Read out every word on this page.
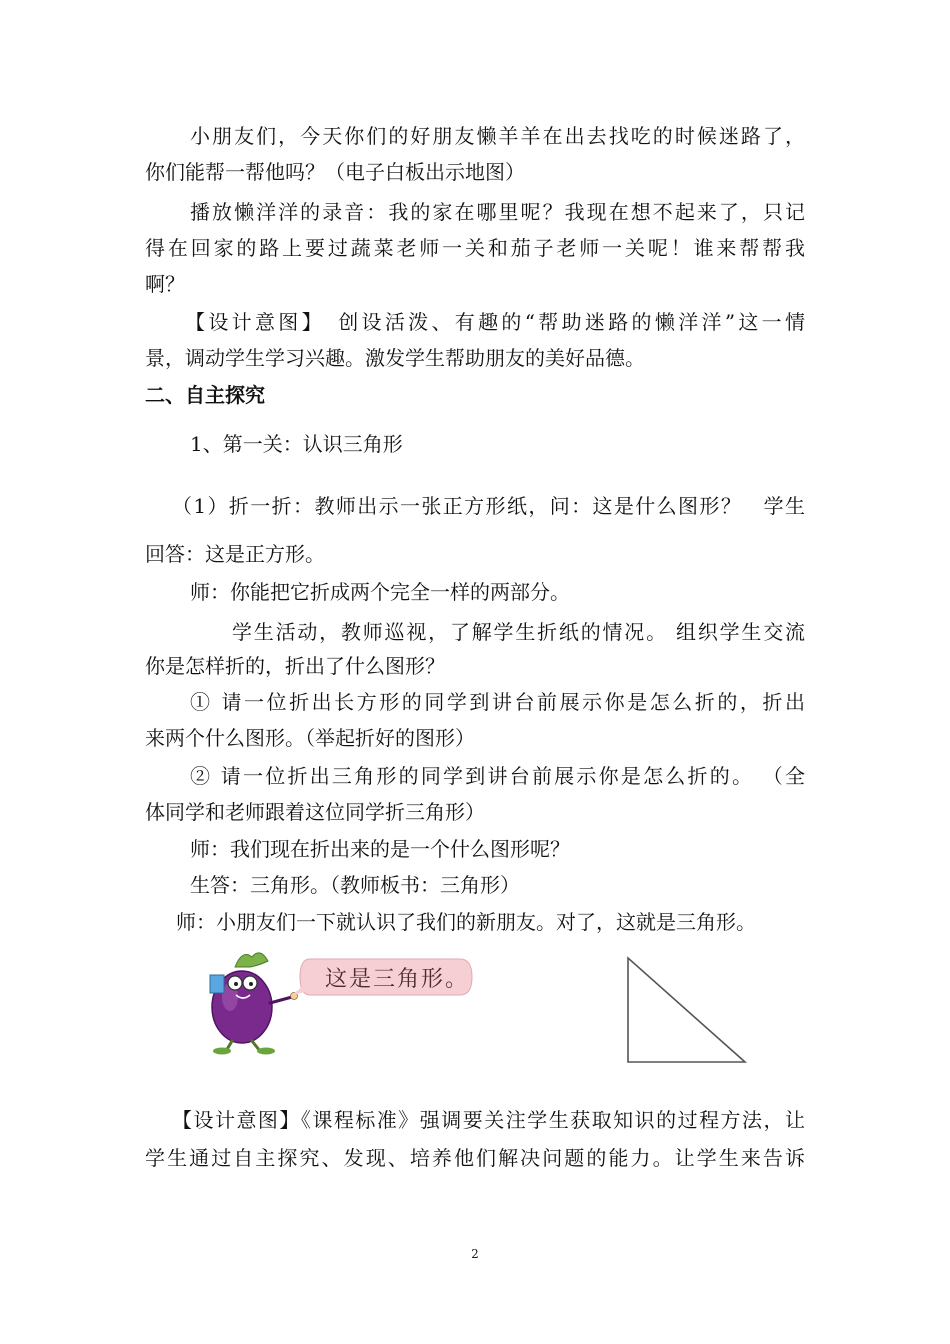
小朋友们，今天你们的好朋友懒羊羊在出去找吃的时候迷路了，
你们能帮一帮他吗？（电子白板出示地图）
播放懒洋洋的录音：我的家在哪里呢？我现在想不起来了，只记
得在回家的路上要过蔬菜老师一关和茄子老师一关呢！谁来帮帮我
啊？
【设计意图】　创设活泼、有趣的“帮助迷路的懒洋洋”这一情
景，调动学生学习兴趣。激发学生帮助朋友的美好品德。
二、自主探究
1、第一关：认识三角形
（1）折一折：教师出示一张正方形纸，问：这是什么图形？　学生
回答：这是正方形。
师：你能把它折成两个完全一样的两部分。
学生活动，教师巡视，了解学生折纸的情况。 组织学生交流
你是怎样折的，折出了什么图形？
① 请一位折出长方形的同学到讲台前展示你是怎么折的，折出
来两个什么图形。（举起折好的图形）
② 请一位折出三角形的同学到讲台前展示你是怎么折的。 （全
体同学和老师跟着这位同学折三角形）
师：我们现在折出来的是一个什么图形呢？
生答：三角形。（教师板书：三角形）
师：小朋友们一下就认识了我们的新朋友。对了，这就是三角形。
这是三角形。
【设计意图】《课程标准》强调要关注学生获取知识的过程方法，让
学生通过自主探究、发现、培养他们解决问题的能力。让学生来告诉
2
